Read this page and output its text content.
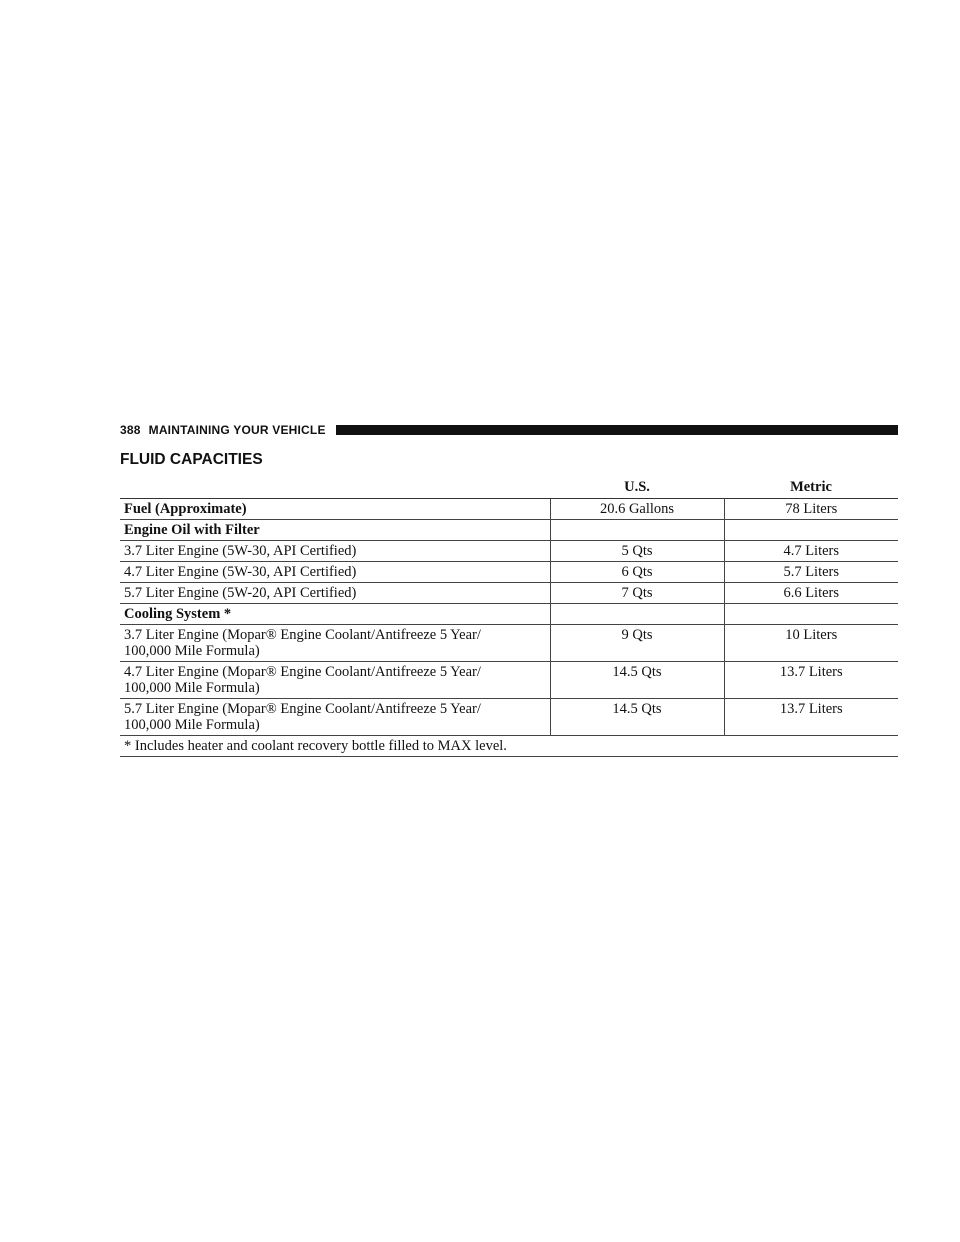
388 MAINTAINING YOUR VEHICLE
FLUID CAPACITIES
	U.S.	Metric
Fuel (Approximate)	20.6 Gallons	78 Liters
Engine Oil with Filter		
3.7 Liter Engine (5W-30, API Certified)	5 Qts	4.7 Liters
4.7 Liter Engine (5W-30, API Certified)	6 Qts	5.7 Liters
5.7 Liter Engine (5W-20, API Certified)	7 Qts	6.6 Liters
Cooling System *		

3.7 Liter Engine (Mopar® Engine Coolant/Antifreeze 5 Year/
100,000 Mile Formula)	9 Qts	10 Liters

4.7 Liter Engine (Mopar® Engine Coolant/Antifreeze 5 Year/
100,000 Mile Formula)	14.5 Qts	13.7 Liters

5.7 Liter Engine (Mopar® Engine Coolant/Antifreeze 5 Year/
100,000 Mile Formula)	14.5 Qts	13.7 Liters
* Includes heater and coolant recovery bottle filled to MAX level.		
